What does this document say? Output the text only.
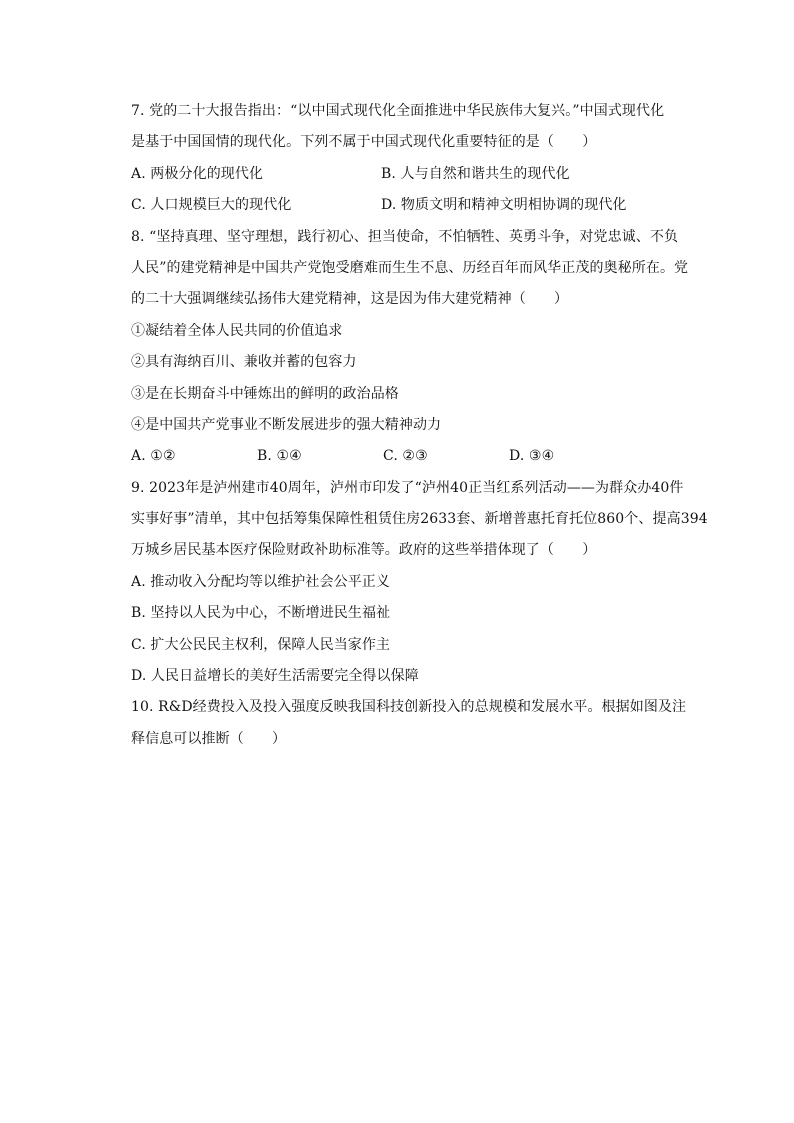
7. 党的二十大报告指出：“以中国式现代化全面推进中华民族伟大复兴。”中国式现代化
是基于中国国情的现代化。下列不属于中国式现代化重要特征的是（　　）
A. 两极分化的现代化	B. 人与自然和谐共生的现代化
C. 人口规模巨大的现代化	D. 物质文明和精神文明相协调的现代化
8. “坚持真理、坚守理想，践行初心、担当使命，不怕牺牲、英勇斗争，对党忠诚、不负
人民”的建党精神是中国共产党饱受磨难而生生不息、历经百年而风华正茂的奥秘所在。党
的二十大强调继续弘扬伟大建党精神，这是因为伟大建党精神（　　）
①凝结着全体人民共同的价值追求
②具有海纳百川、兼收并蓄的包容力
③是在长期奋斗中锤炼出的鲜明的政治品格
④是中国共产党事业不断发展进步的强大精神动力
A. ①②	B. ①④	C. ②③	D. ③④
9. 2023年是泸州建市40周年，泸州市印发了“泸州40正当红系列活动——为群众办40件
实事好事”清单，其中包括筹集保障性租赁住房2633套、新增普惠托育托位860个、提高394
万城乡居民基本医疗保险财政补助标准等。政府的这些举措体现了（　　）
A. 推动收入分配均等以维护社会公平正义
B. 坚持以人民为中心，不断增进民生福祉
C. 扩大公民民主权利，保障人民当家作主
D. 人民日益增长的美好生活需要完全得以保障
10. R&D经费投入及投入强度反映我国科技创新投入的总规模和发展水平。根据如图及注
释信息可以推断（　　）
